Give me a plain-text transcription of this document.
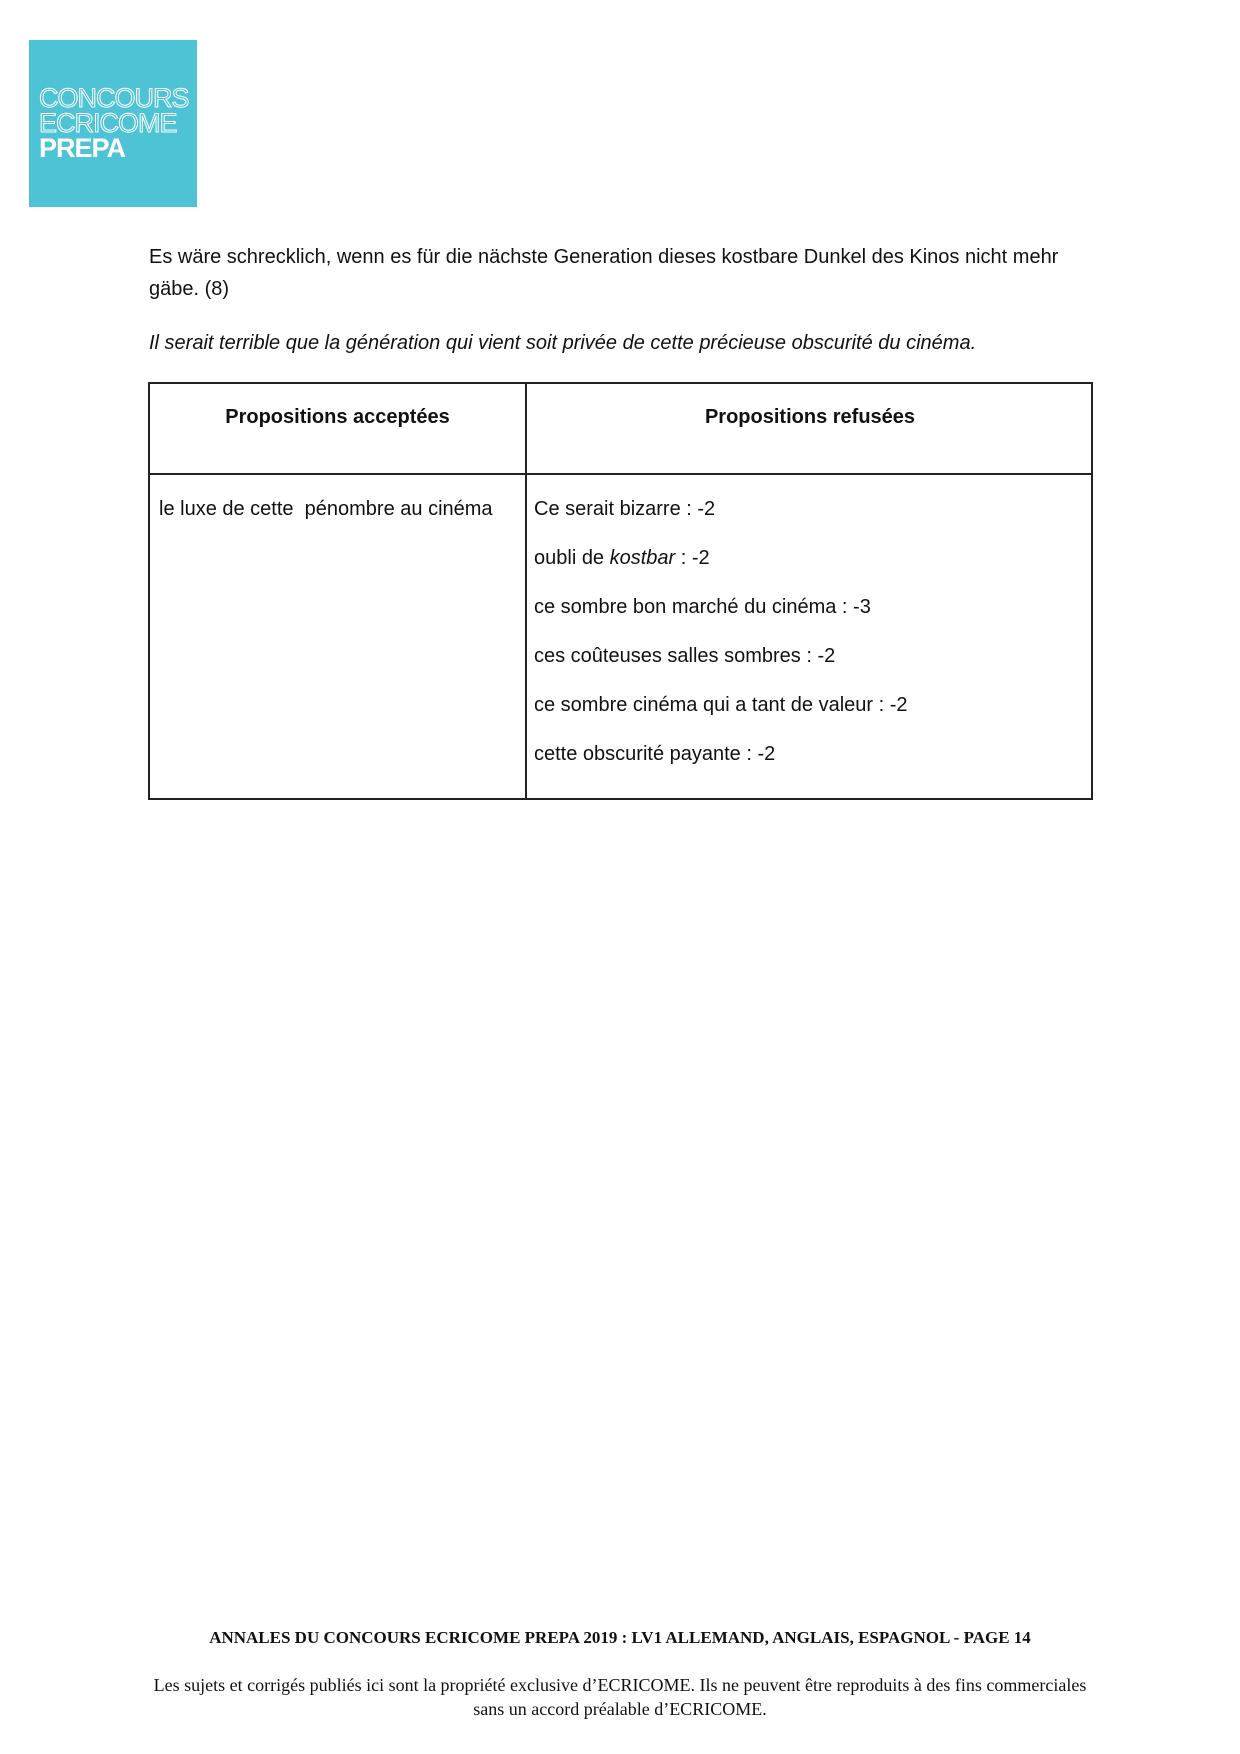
CONCOURS
ECRICOME
PREPA
Es wäre schrecklich, wenn es für die nächste Generation dieses kostbare Dunkel des Kinos nicht mehr gäbe. (8)
Il serait terrible que la génération qui vient soit privée de cette précieuse obscurité du cinéma.
Propositions acceptées	Propositions refusées
le luxe de cette  pénombre au cinéma Ce serait bizarre : -2
oubli de kostbar : -2
ce sombre bon marché du cinéma : -3
ces coûteuses salles sombres : -2
ce sombre cinéma qui a tant de valeur : -2
cette obscurité payante : -2
ANNALES DU CONCOURS ECRICOME PREPA 2019 : LV1 ALLEMAND, ANGLAIS, ESPAGNOL - PAGE 14
Les sujets et corrigés publiés ici sont la propriété exclusive d’ECRICOME. Ils ne peuvent être reproduits à des fins commerciales sans un accord préalable d’ECRICOME.
